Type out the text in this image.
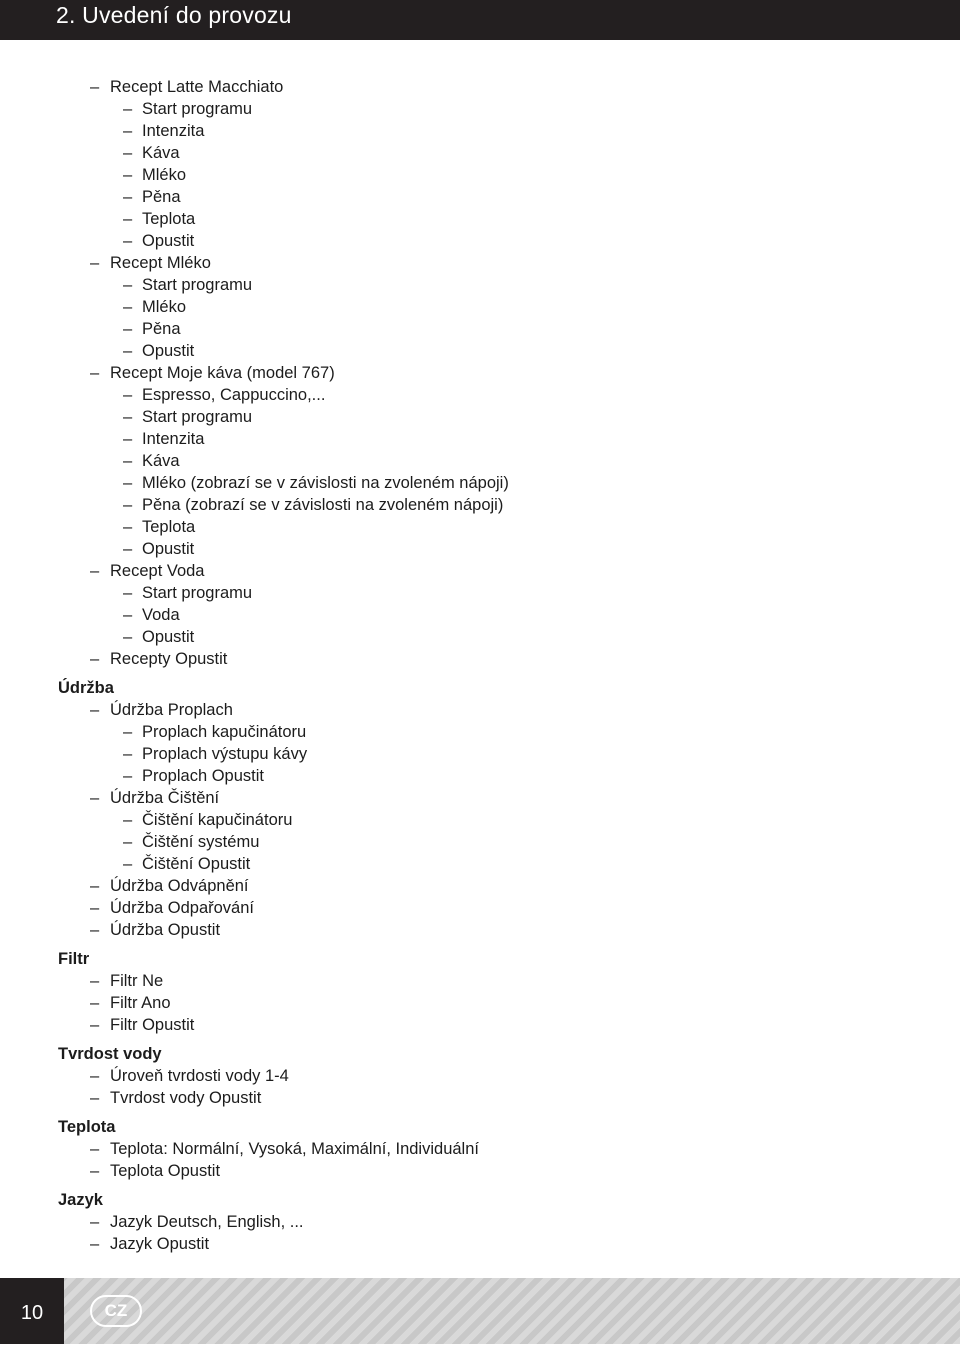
2. Uvedení do provozu
– Recept Latte Macchiato
– Start programu
– Intenzita
– Káva
– Mléko
– Pěna
– Teplota
– Opustit
– Recept Mléko
– Start programu
– Mléko
– Pěna
– Opustit
– Recept Moje káva (model 767)
– Espresso, Cappuccino,...
– Start programu
– Intenzita
– Káva
– Mléko (zobrazí se v závislosti na zvoleném nápoji)
– Pěna (zobrazí se v závislosti na zvoleném nápoji)
– Teplota
– Opustit
– Recept Voda
– Start programu
– Voda
– Opustit
– Recepty Opustit
Údržba
– Údržba Proplach
– Proplach kapučinátoru
– Proplach výstupu kávy
– Proplach Opustit
– Údržba Čištění
– Čištění kapučinátoru
– Čištění systému
– Čištění Opustit
– Údržba Odvápnění
– Údržba Odpařování
– Údržba Opustit
Filtr
– Filtr Ne
– Filtr Ano
– Filtr Opustit
Tvrdost vody
– Úroveň tvrdosti vody 1-4
– Tvrdost vody Opustit
Teplota
– Teplota: Normální, Vysoká, Maximální, Individuální
– Teplota Opustit
Jazyk
– Jazyk Deutsch, English, ...
– Jazyk Opustit
10	CZ
